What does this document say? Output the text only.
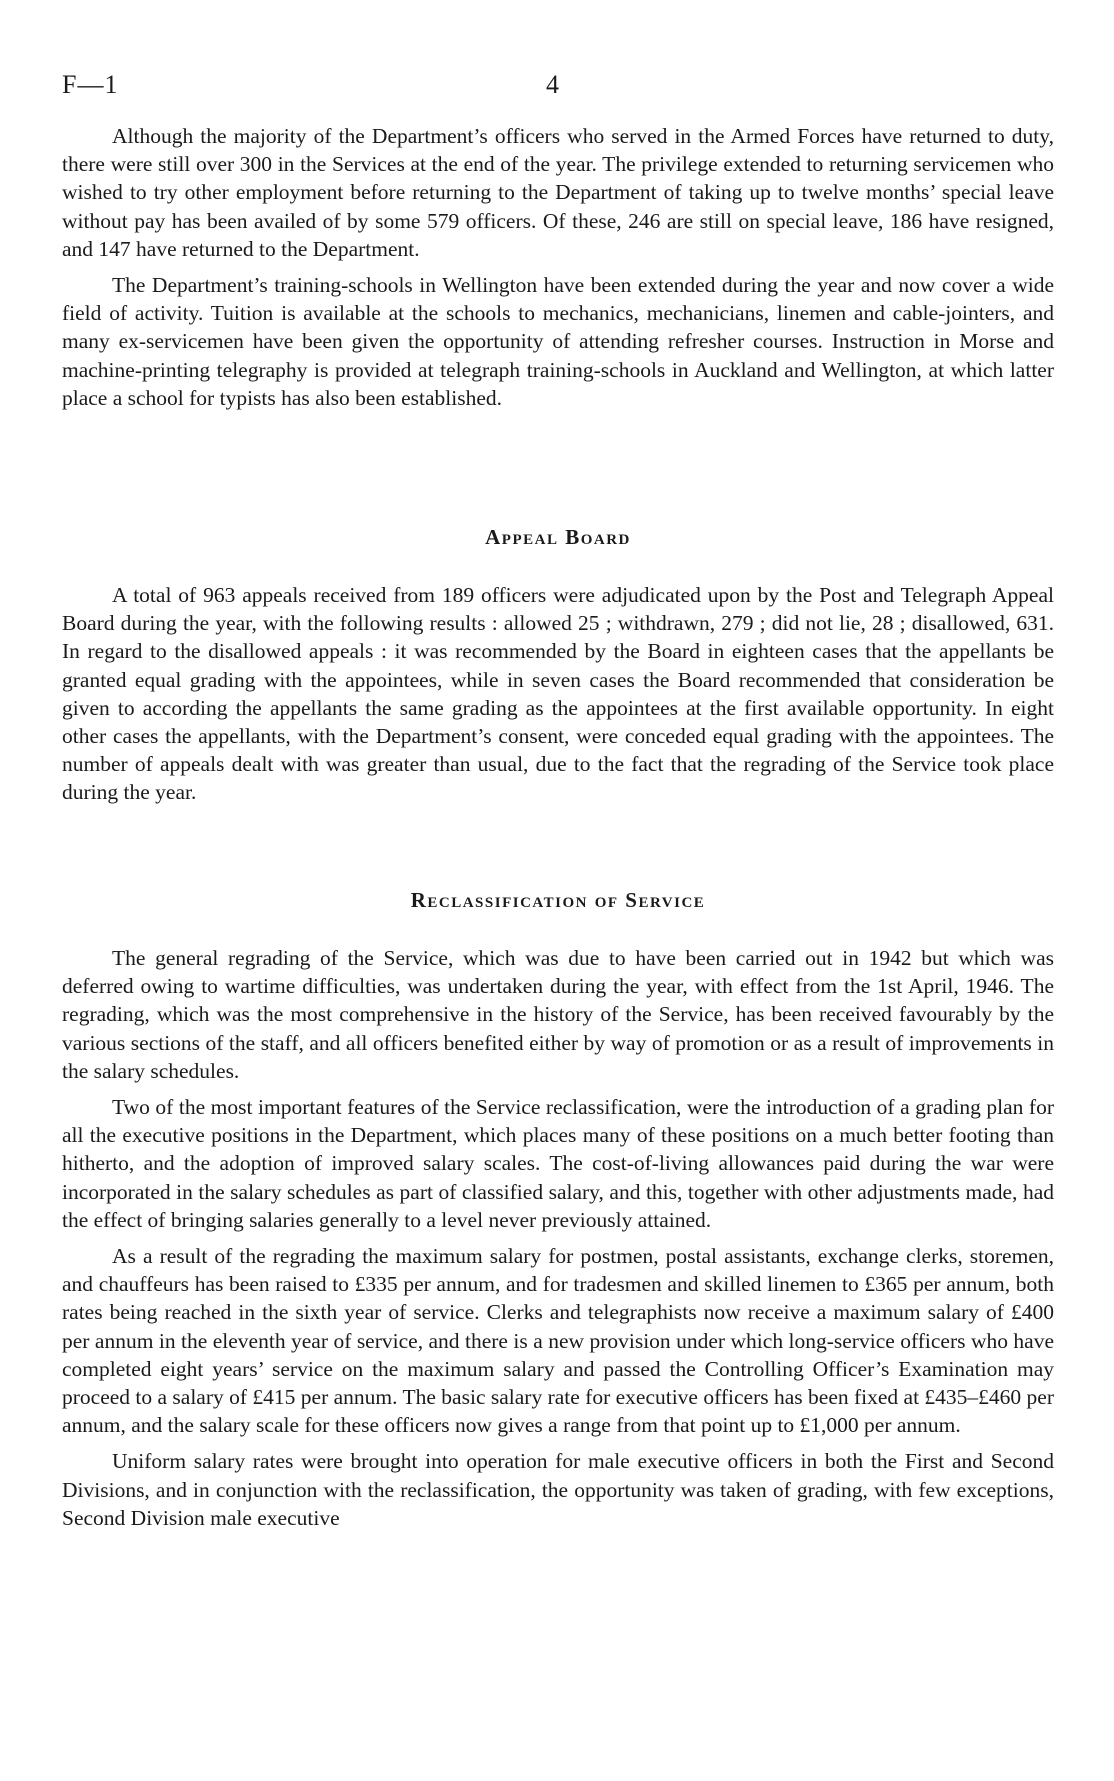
F—1	4

Although the majority of the Department’s officers who served in the Armed Forces have returned to duty, there were still over 300 in the Services at the end of the year. The privilege extended to returning servicemen who wished to try other employment before returning to the Department of taking up to twelve months’ special leave without pay has been availed of by some 579 officers. Of these, 246 are still on special leave, 186 have resigned, and 147 have returned to the Department.

The Department’s training-schools in Wellington have been extended during the year and now cover a wide field of activity. Tuition is available at the schools to mechanics, mechanicians, linemen and cable-jointers, and many ex-servicemen have been given the opportunity of attending refresher courses. Instruction in Morse and machine-printing telegraphy is provided at telegraph training-schools in Auckland and Wellington, at which latter place a school for typists has also been established.

Appeal Board

A total of 963 appeals received from 189 officers were adjudicated upon by the Post and Telegraph Appeal Board during the year, with the following results : allowed 25 ; withdrawn, 279 ; did not lie, 28 ; disallowed, 631. In regard to the disallowed appeals : it was recommended by the Board in eighteen cases that the appellants be granted equal grading with the appointees, while in seven cases the Board recommended that consideration be given to according the appellants the same grading as the appointees at the first available opportunity. In eight other cases the appellants, with the Department’s consent, were conceded equal grading with the appointees. The number of appeals dealt with was greater than usual, due to the fact that the regrading of the Service took place during the year.

Reclassification of Service

The general regrading of the Service, which was due to have been carried out in 1942 but which was deferred owing to wartime difficulties, was undertaken during the year, with effect from the 1st April, 1946. The regrading, which was the most comprehensive in the history of the Service, has been received favourably by the various sections of the staff, and all officers benefited either by way of promotion or as a result of improvements in the salary schedules.

Two of the most important features of the Service reclassification, were the introduction of a grading plan for all the executive positions in the Department, which places many of these positions on a much better footing than hitherto, and the adoption of improved salary scales. The cost-of-living allowances paid during the war were incorporated in the salary schedules as part of classified salary, and this, together with other adjustments made, had the effect of bringing salaries generally to a level never previously attained.

As a result of the regrading the maximum salary for postmen, postal assistants, exchange clerks, storemen, and chauffeurs has been raised to £335 per annum, and for tradesmen and skilled linemen to £365 per annum, both rates being reached in the sixth year of service. Clerks and telegraphists now receive a maximum salary of £400 per annum in the eleventh year of service, and there is a new provision under which long-service officers who have completed eight years’ service on the maximum salary and passed the Controlling Officer’s Examination may proceed to a salary of £415 per annum. The basic salary rate for executive officers has been fixed at £435–£460 per annum, and the salary scale for these officers now gives a range from that point up to £1,000 per annum.

Uniform salary rates were brought into operation for male executive officers in both the First and Second Divisions, and in conjunction with the reclassification, the opportunity was taken of grading, with few exceptions, Second Division male executive
